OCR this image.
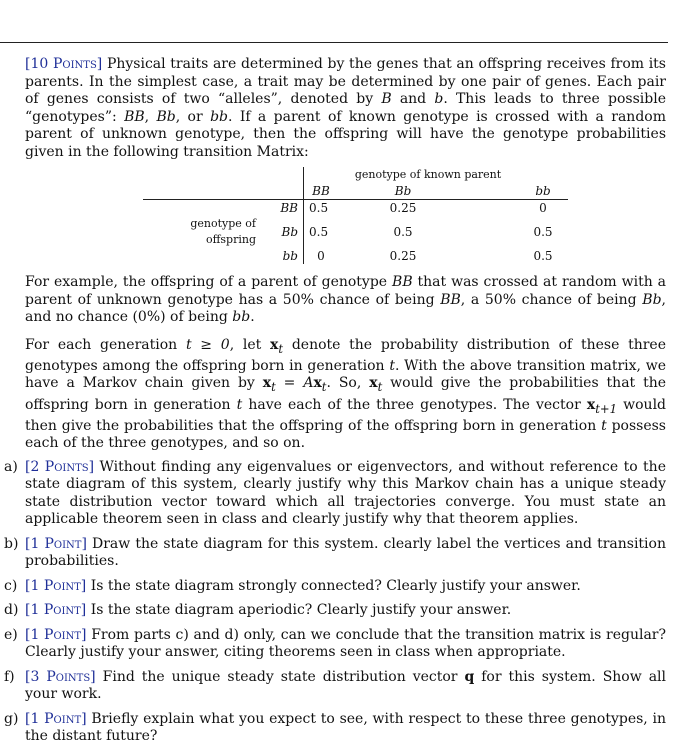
[10 Points] Physical traits are determined by the genes that an offspring receives from its parents. In the simplest case, a trait may be determined by one pair of genes. Each pair of genes consists of two “alleles”, denoted by B and b. This leads to three possible “genotypes”: BB, Bb, or bb. If a parent of known genotype is crossed with a random parent of unknown genotype, then the offspring will have the genotype probabilities given in the following transition Matrix:

			genotype of known parent		
		BB	Bb		bb
	BB	0.5	0.25		0
genotype of offspring	Bb	0.5	0.5		0.5
	bb	0	0.25		0.5

For example, the offspring of a parent of genotype BB that was crossed at random with a parent of unknown genotype has a 50% chance of being BB, a 50% chance of being Bb, and no chance (0%) of being bb.

For each generation t ≥ 0, let $x_t$ denote the probability distribution of these three genotypes among the offspring born in generation t. With the above transition matrix, we have a Markov chain given by $x_t = Ax_t$. So, $x_t$ would give the probabilities that the offspring born in generation t have each of the three genotypes. The vector $x_{t+1}$ would then give the probabilities that the offspring of the offspring born in generation t possess each of the three genotypes, and so on.

a) [2 Points] Without finding any eigenvalues or eigenvectors, and without reference to the state diagram of this system, clearly justify why this Markov chain has a unique steady state distribution vector toward which all trajectories converge. You must state an applicable theorem seen in class and clearly justify why that theorem applies.
b) [1 Point] Draw the state diagram for this system. clearly label the vertices and transition probabilities.
c) [1 Point] Is the state diagram strongly connected? Clearly justify your answer.
d) [1 Point] Is the state diagram aperiodic? Clearly justify your answer.
e) [1 Point] From parts c) and d) only, can we conclude that the transition matrix is regular? Clearly justify your answer, citing theorems seen in class when appropriate.
f) [3 Points] Find the unique steady state distribution vector q for this system. Show all your work.
g) [1 Point] Briefly explain what you expect to see, with respect to these three genotypes, in the distant future?
